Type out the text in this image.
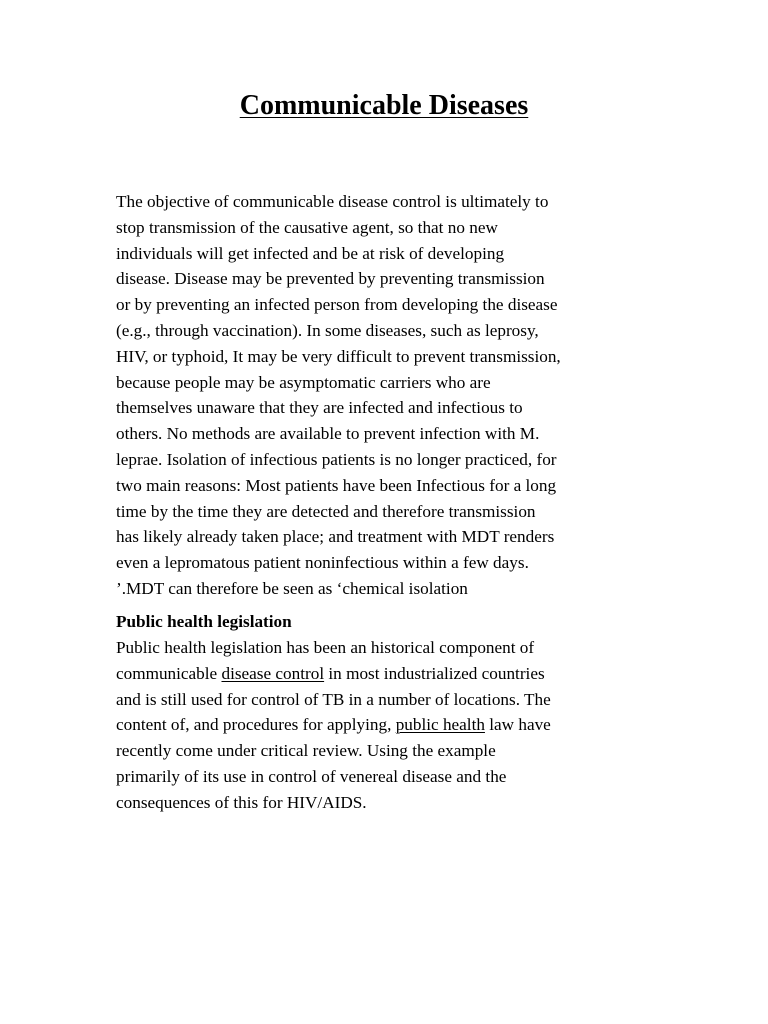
Communicable Diseases

The objective of communicable disease control is ultimately to
stop transmission of the causative agent, so that no new
individuals will get infected and be at risk of developing
disease. Disease may be prevented by preventing transmission
or by preventing an infected person from developing the disease
(e.g., through vaccination). In some diseases, such as leprosy,
HIV, or typhoid, It may be very difficult to prevent transmission,
because people may be asymptomatic carriers who are
themselves unaware that they are infected and infectious to
others. No methods are available to prevent infection with M.
leprae. Isolation of infectious patients is no longer practiced, for
two main reasons: Most patients have been Infectious for a long
time by the time they are detected and therefore transmission
has likely already taken place; and treatment with MDT renders
even a lepromatous patient noninfectious within a few days.
’.MDT can therefore be seen as ‘chemical isolation

Public health legislation

Public health legislation has been an historical component of
communicable disease control in most industrialized countries
and is still used for control of TB in a number of locations. The
content of, and procedures for applying, public health law have
recently come under critical review. Using the example
primarily of its use in control of venereal disease and the
consequences of this for HIV/AIDS.
